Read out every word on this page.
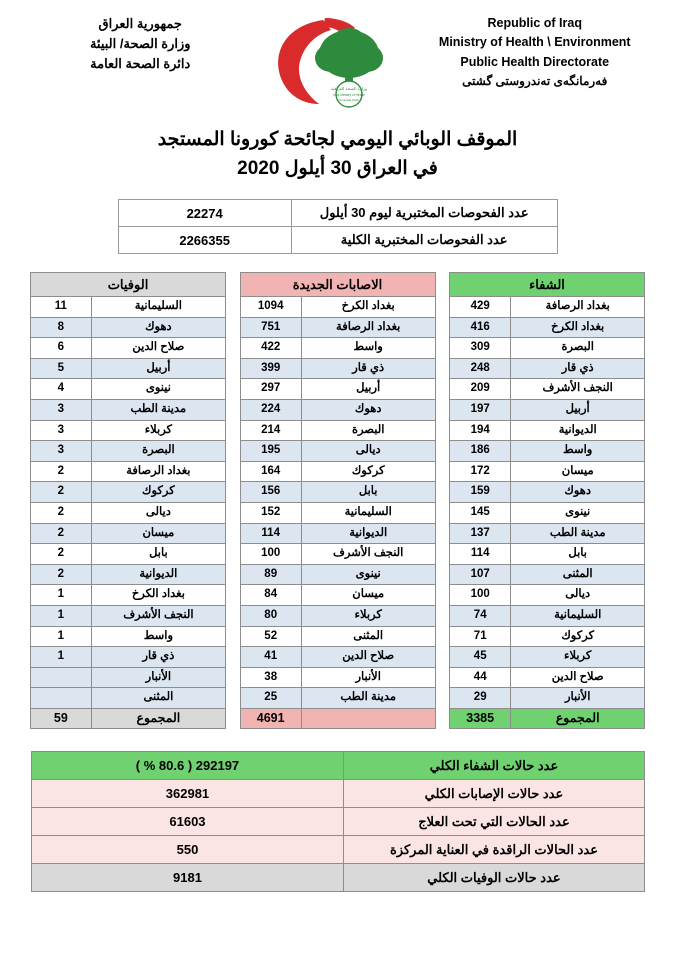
Republic of Iraq
Ministry of Health \ Environment
Public Health Directorate
فه‌رمانگه‌ى ته‌ندروستى گشتى
وزارة الصحة العراقية
Iraqi Ministry of Health
Founded 1920
جمهورية العراق
وزارة الصحة/ البيئة
دائرة الصحة العامة
الموقف الوبائي اليومي لجائحة كورونا المستجد
في العراق 30 أيلول 2020
عدد الفحوصات المختبرية ليوم 30 أيلول	22274
عدد الفحوصات المختبرية الكلية	2266355
الشفاء	
بغداد الرصافة	429
بغداد الكرخ	416
البصرة	309
ذي قار	248
النجف الأشرف	209
أربيل	197
الديوانية	194
واسط	186
ميسان	172
دهوك	159
نينوى	145
مدينة الطب	137
بابل	114
المثنى	107
ديالى	100
السليمانية	74
كركوك	71
كربلاء	45
صلاح الدين	44
الأنبار	29
المجموع	3385
الاصابات الجديدة	
بغداد الكرخ	1094
بغداد الرصافة	751
واسط	422
ذي قار	399
أربيل	297
دهوك	224
البصرة	214
ديالى	195
كركوك	164
بابل	156
السليمانية	152
الديوانية	114
النجف الأشرف	100
نينوى	89
ميسان	84
كربلاء	80
المثنى	52
صلاح الدين	41
الأنبار	38
مدينة الطب	25
	4691
الوفيات	
السليمانية	11
دهوك	8
صلاح الدين	6
أربيل	5
نينوى	4
مدينة الطب	3
كربلاء	3
البصرة	3
بغداد الرصافة	2
كركوك	2
ديالى	2
ميسان	2
بابل	2
الديوانية	2
بغداد الكرخ	1
النجف الأشرف	1
واسط	1
ذي قار	1
الأنبار	
المثنى	
المجموع	59
عدد حالات الشفاء الكلي	292197 ( 80.6 % )
عدد حالات الإصابات الكلي	362981
عدد الحالات التي تحت العلاج	61603
عدد الحالات الراقدة في العناية المركزة	550
عدد حالات الوفيات الكلي	9181
